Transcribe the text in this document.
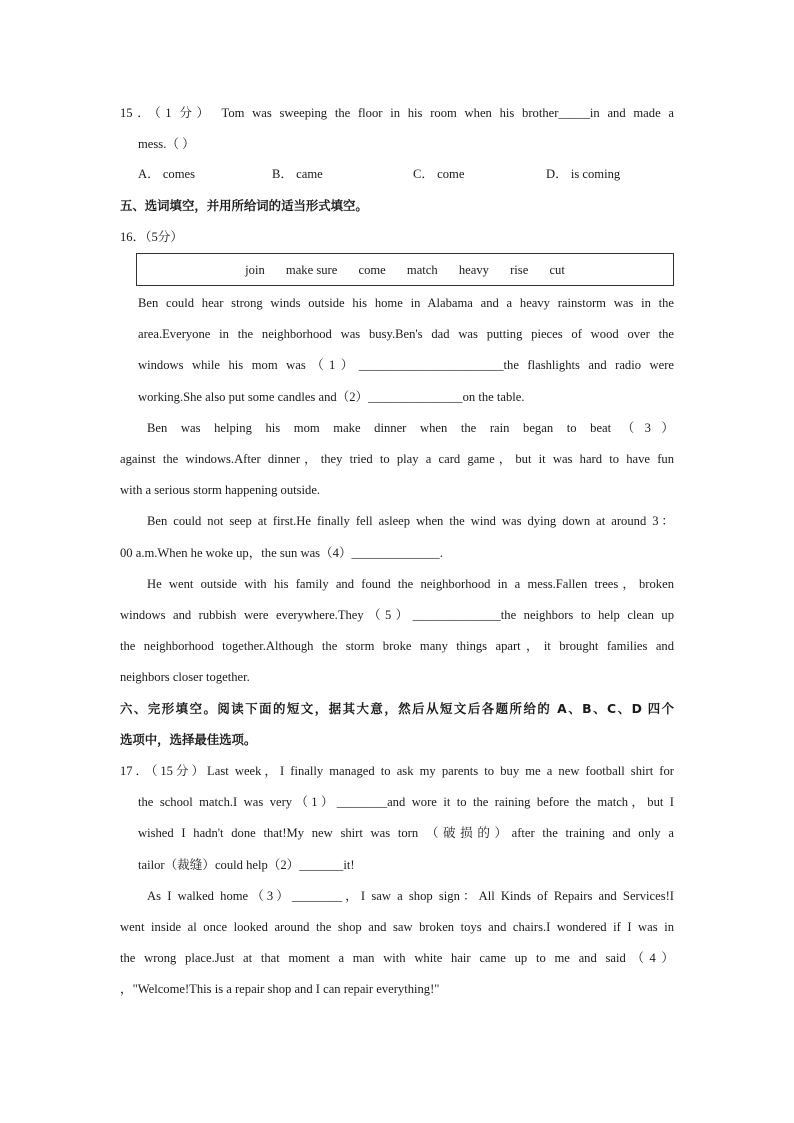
15．（1 分） Tom was sweeping the floor in his room when his brother_____in and made a
mess.（ ）
A． comes	B． came	C． come	D． is coming
五、选词填空，并用所给词的适当形式填空。
16．（5分）
join make sure come match heavy rise cut
Ben could hear strong winds outside his home in Alabama and a heavy rainstorm was in the
area.Everyone in the neighborhood was busy.Ben's dad was putting pieces of wood over the
windows while his mom was（1）_______________________the flashlights and radio were
working.She also put some candles and（2）_______________on the table.
Ben was helping his mom make dinner when the rain began to beat（3）
against the windows.After dinner，they tried to play a card game，but it was hard to have fun
with a serious storm happening outside.
Ben could not seep at first.He finally fell asleep when the wind was dying down at around 3：
00 a.m.When he woke up，the sun was（4）______________.
He went outside with his family and found the neighborhood in a mess.Fallen trees，broken
windows and rubbish were everywhere.They（5）______________the neighbors to help clean up
the neighborhood together.Although the storm broke many things apart，it brought families and
neighbors closer together.
六、完形填空。阅读下面的短文，据其大意，然后从短文后各题所给的 A、B、C、D 四个
选项中，选择最佳选项。
17．（15分）Last week，I finally managed to ask my parents to buy me a new football shirt for
the school match.I was very（1）________and wore it to the raining before the match，but I
wished I hadn't done that!My new shirt was torn （破损的）after the training and only a
tailor（裁缝）could help（2）_______it!
As I walked home（3）________，I saw a shop sign：All Kinds of Repairs and Services!I
went inside al once looked around the shop and saw broken toys and chairs.I wondered if I was in
the wrong place.Just at that moment a man with white hair came up to me and said（4）
，"Welcome!This is a repair shop and I can repair everything!"
